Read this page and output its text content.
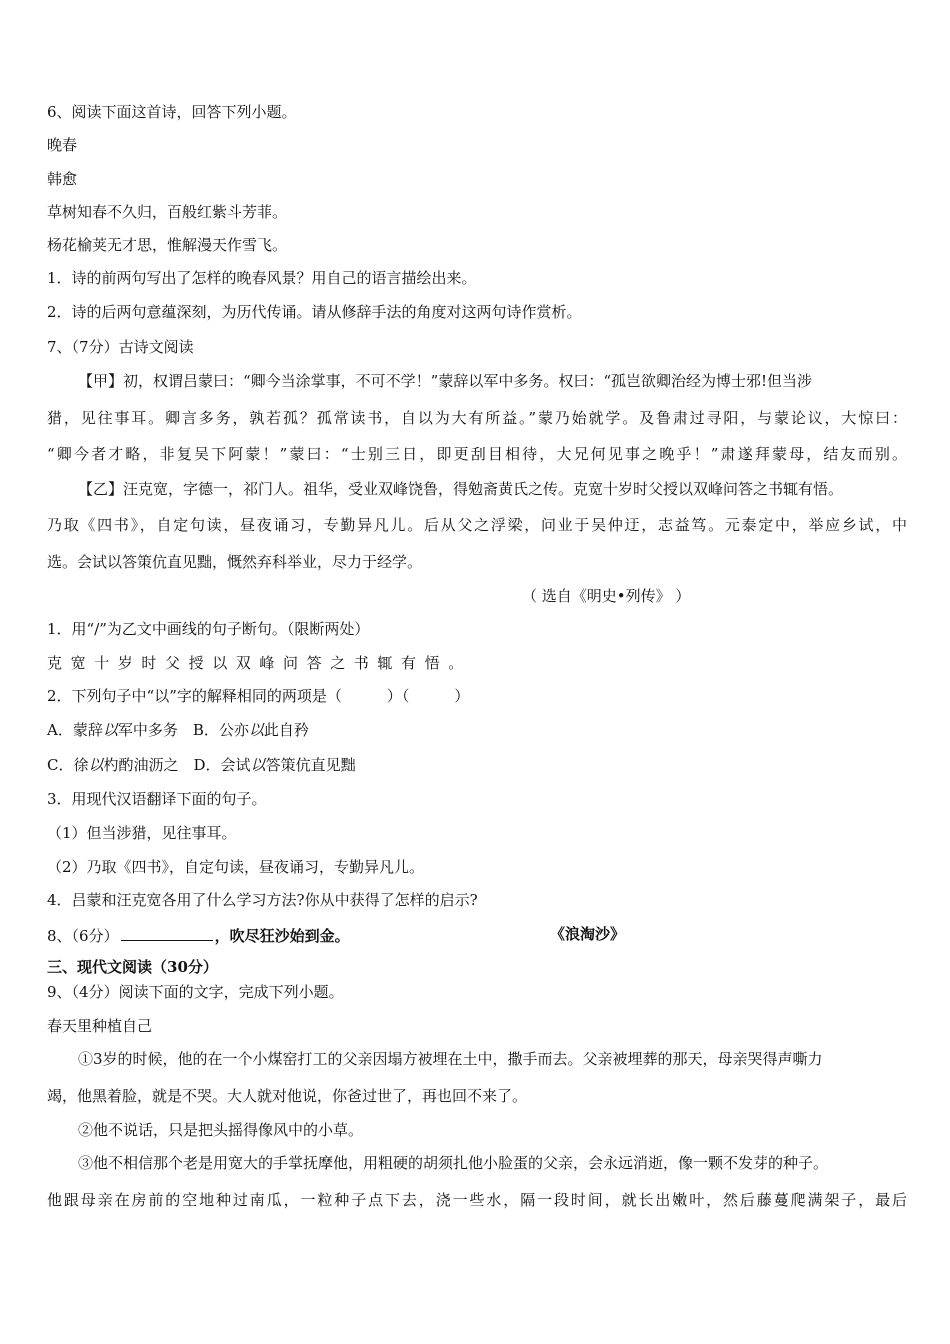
6、阅读下面这首诗，回答下列小题。
晚春
韩愈
草树知春不久归，百般红紫斗芳菲。
杨花榆荚无才思，惟解漫天作雪飞。
1．诗的前两句写出了怎样的晚春风景？用自己的语言描绘出来。
2．诗的后两句意蕴深刻，为历代传诵。请从修辞手法的角度对这两句诗作赏析。
7、（7分）古诗文阅读
【甲】初，权谓吕蒙曰：“卿今当涂掌事，不可不学！”蒙辞以军中多务。权曰：“孤岂欲卿治经为博士邪!但当涉
猎，见往事耳。卿言多务，孰若孤？孤常读书，自以为大有所益。”蒙乃始就学。及鲁肃过寻阳，与蒙论议，大惊曰：
“卿今者才略，非复吴下阿蒙！”蒙曰：“士别三日，即更刮目相待，大兄何见事之晚乎！”肃遂拜蒙母，结友而别。
【乙】汪克宽，字德一，祁门人。祖华，受业双峰饶鲁，得勉斋黄氏之传。克宽十岁时父授以双峰问答之书辄有悟。
乃取《四书》，自定句读，昼夜诵习，专勤异凡儿。后从父之浮梁，问业于吴仲迂，志益笃。元泰定中，举应乡试，中
选。会试以答策伉直见黜，慨然弃科举业，尽力于经学。
（ 选自《明史•列传》 ）
1．用“/”为乙文中画线的句子断句。（限断两处）
克宽十岁时父授以双峰问答之书辄有悟。
2．下列句子中“以”字的解释相同的两项是（　　　）（　　　）
A．蒙辞以军中多务　B．公亦以此自矜
C．徐以杓酌油沥之　D．会试以答策伉直见黜
3．用现代汉语翻译下面的句子。
（1）但当涉猎，见往事耳。
（2）乃取《四书》，自定句读，昼夜诵习，专勤异凡儿。
4．吕蒙和汪克宽各用了什么学习方法?你从中获得了怎样的启示?
8、（6分）	，吹尽狂沙始到金。	《浪淘沙》
三、现代文阅读（30分）
9、（4分）阅读下面的文字，完成下列小题。
春天里种植自己
①3岁的时候，他的在一个小煤窑打工的父亲因塌方被埋在土中，撒手而去。父亲被埋葬的那天，母亲哭得声嘶力
竭，他黑着脸，就是不哭。大人就对他说，你爸过世了，再也回不来了。
②他不说话，只是把头摇得像风中的小草。
③他不相信那个老是用宽大的手掌抚摩他，用粗硬的胡须扎他小脸蛋的父亲，会永远消逝，像一颗不发芽的种子。
他跟母亲在房前的空地种过南瓜，一粒种子点下去，浇一些水，隔一段时间，就长出嫩叶，然后藤蔓爬满架子，最后
